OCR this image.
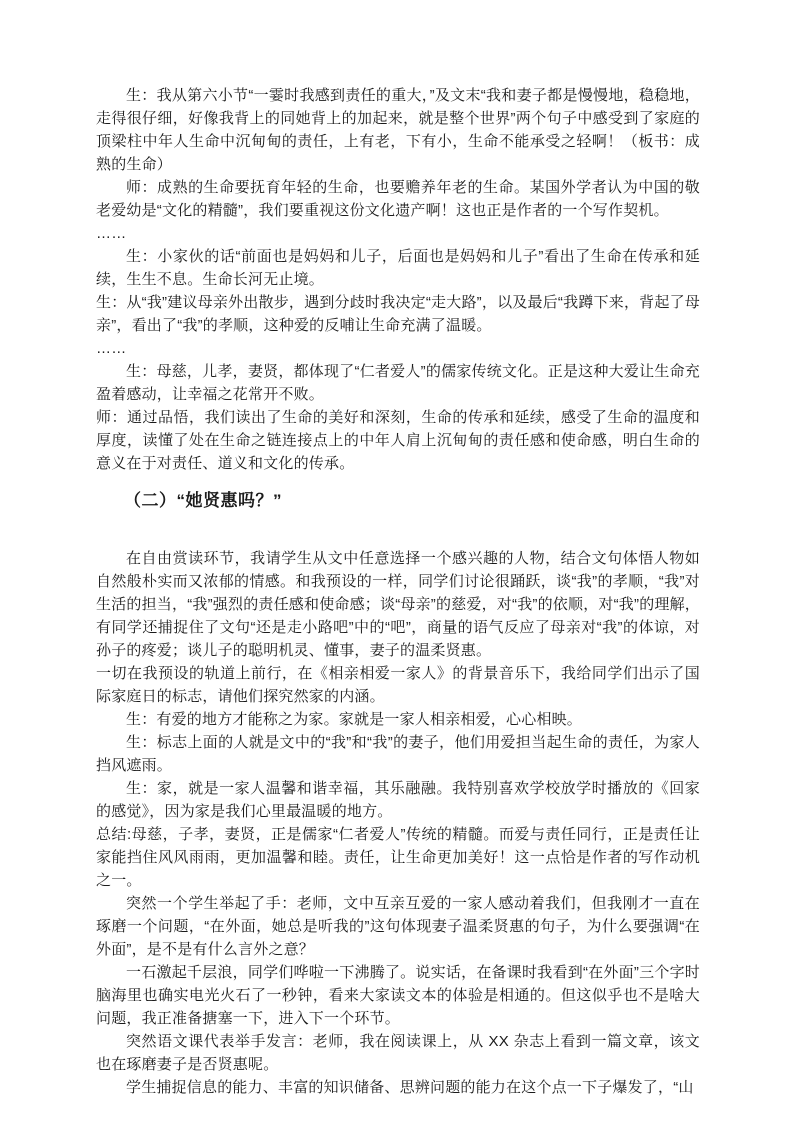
生：我从第六小节“一霎时我感到责任的重大，”及文末“我和妻子都是慢慢地，稳稳地，走得很仔细，好像我背上的同她背上的加起来，就是整个世界”两个句子中感受到了家庭的顶梁柱中年人生命中沉甸甸的责任，上有老，下有小，生命不能承受之轻啊！（板书：成熟的生命）

师：成熟的生命要抚育年轻的生命，也要赡养年老的生命。某国外学者认为中国的敬老爱幼是“文化的精髓”，我们要重视这份文化遗产啊！这也正是作者的一个写作契机。

……

生：小家伙的话“前面也是妈妈和儿子，后面也是妈妈和儿子”看出了生命在传承和延续，生生不息。生命长河无止境。

生：从“我”建议母亲外出散步，遇到分歧时我决定“走大路”，以及最后“我蹲下来，背起了母亲”，看出了“我”的孝顺，这种爱的反哺让生命充满了温暖。

……

生：母慈，儿孝，妻贤，都体现了“仁者爱人”的儒家传统文化。正是这种大爱让生命充盈着感动，让幸福之花常开不败。

师：通过品悟，我们读出了生命的美好和深刻，生命的传承和延续，感受了生命的温度和厚度，读懂了处在生命之链连接点上的中年人肩上沉甸甸的责任感和使命感，明白生命的意义在于对责任、道义和文化的传承。

（二）“她贤惠吗？”

在自由赏读环节，我请学生从文中任意选择一个感兴趣的人物，结合文句体悟人物如自然般朴实而又浓郁的情感。和我预设的一样，同学们讨论很踊跃，谈“我”的孝顺，“我”对生活的担当，“我”强烈的责任感和使命感；谈“母亲”的慈爱，对“我”的依顺，对“我”的理解，有同学还捕捉住了文句“还是走小路吧”中的“吧”，商量的语气反应了母亲对“我”的体谅，对孙子的疼爱；谈儿子的聪明机灵、懂事，妻子的温柔贤惠。

一切在我预设的轨道上前行，在《相亲相爱一家人》的背景音乐下，我给同学们出示了国际家庭日的标志，请他们探究然家的内涵。

生：有爱的地方才能称之为家。家就是一家人相亲相爱，心心相映。

生：标志上面的人就是文中的“我”和“我”的妻子，他们用爱担当起生命的责任，为家人挡风遮雨。

生：家，就是一家人温馨和谐幸福，其乐融融。我特别喜欢学校放学时播放的《回家的感觉》，因为家是我们心里最温暖的地方。

总结:母慈，子孝，妻贤，正是儒家“仁者爱人”传统的精髓。而爱与责任同行，正是责任让家能挡住风风雨雨，更加温馨和睦。责任，让生命更加美好！这一点恰是作者的写作动机之一。

突然一个学生举起了手：老师，文中互亲互爱的一家人感动着我们，但我刚才一直在琢磨一个问题，“在外面，她总是听我的”这句体现妻子温柔贤惠的句子，为什么要强调“在外面”，是不是有什么言外之意？

一石激起千层浪，同学们哗啦一下沸腾了。说实话，在备课时我看到“在外面”三个字时脑海里也确实电光火石了一秒钟，看来大家读文本的体验是相通的。但这似乎也不是啥大问题，我正准备搪塞一下，进入下一个环节。

突然语文课代表举手发言：老师，我在阅读课上，从 XX 杂志上看到一篇文章，该文也在琢磨妻子是否贤惠呢。

学生捕捉信息的能力、丰富的知识储备、思辨问题的能力在这个点一下子爆发了，“山
